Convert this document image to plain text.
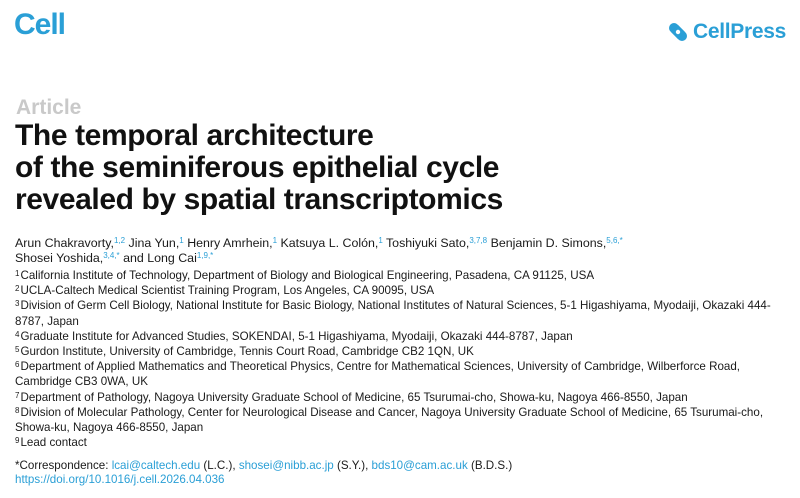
Cell	CellPress
Article
The temporal architecture
of the seminiferous epithelial cycle
revealed by spatial transcriptomics
Arun Chakravorty,$^{1,2}$ Jina Yun,$^1$ Henry Amrhein,$^1$ Katsuya L. Colón,$^1$ Toshiyuki Sato,$^{3,7,8}$ Benjamin D. Simons,$^{5,6,*}$
Shosei Yoshida,$^{3,4,*}$ and Long Cai$^{1,9,*}$
$^1$California Institute of Technology, Department of Biology and Biological Engineering, Pasadena, CA 91125, USA
$^2$UCLA-Caltech Medical Scientist Training Program, Los Angeles, CA 90095, USA
$^3$Division of Germ Cell Biology, National Institute for Basic Biology, National Institutes of Natural Sciences, 5-1 Higashiyama, Myodaiji, Okazaki 444-8787, Japan
$^4$Graduate Institute for Advanced Studies, SOKENDAI, 5-1 Higashiyama, Myodaiji, Okazaki 444-8787, Japan
$^5$Gurdon Institute, University of Cambridge, Tennis Court Road, Cambridge CB2 1QN, UK
$^6$Department of Applied Mathematics and Theoretical Physics, Centre for Mathematical Sciences, University of Cambridge, Wilberforce Road, Cambridge CB3 0WA, UK
$^7$Department of Pathology, Nagoya University Graduate School of Medicine, 65 Tsurumai-cho, Showa-ku, Nagoya 466-8550, Japan
$^8$Division of Molecular Pathology, Center for Neurological Disease and Cancer, Nagoya University Graduate School of Medicine, 65 Tsurumai-cho, Showa-ku, Nagoya 466-8550, Japan
$^9$Lead contact
*Correspondence: lcai@caltech.edu (L.C.), shosei@nibb.ac.jp (S.Y.), bds10@cam.ac.uk (B.D.S.)
https://doi.org/10.1016/j.cell.2026.04.036
